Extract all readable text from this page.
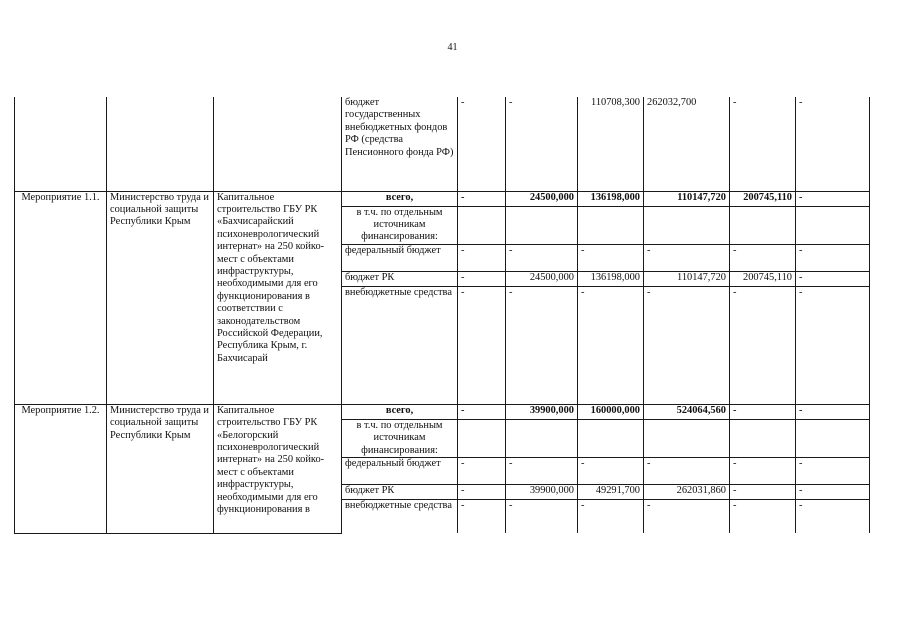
41
			бюджет государственных внебюджетных фондов РФ (средства Пенсионного фонда РФ)	-	-	110708,300	262032,700	-	-
Мероприятие 1.1.	Министерство труда и социальной защиты Республики Крым	Капитальное строительство ГБУ РК «Бахчисарайский психоневрологический интернат» на 250 койко-мест с объектами инфраструктуры, необходимыми для его функционирования в соответствии с законодательством Российской Федерации, Республика Крым, г. Бахчисарай	всего,	-	24500,000	136198,000	110147,720	200745,110	-
			в т.ч. по отдельным источникам финансирования:						
			федеральный бюджет	-	-	-	-	-	-
			бюджет РК	-	24500,000	136198,000	110147,720	200745,110	-
			внебюджетные средства	-	-	-	-	-	-
Мероприятие 1.2.	Министерство труда и социальной защиты Республики Крым	Капитальное строительство ГБУ РК «Белогорский психоневрологический интернат» на 250 койко-мест с объектами инфраструктуры, необходимыми для его функционирования в	всего,	-	39900,000	160000,000	524064,560	-	-
			в т.ч. по отдельным источникам финансирования:						
			федеральный бюджет	-	-	-	-	-	-
			бюджет РК	-	39900,000	49291,700	262031,860	-	-
			внебюджетные средства	-	-	-	-	-	-
